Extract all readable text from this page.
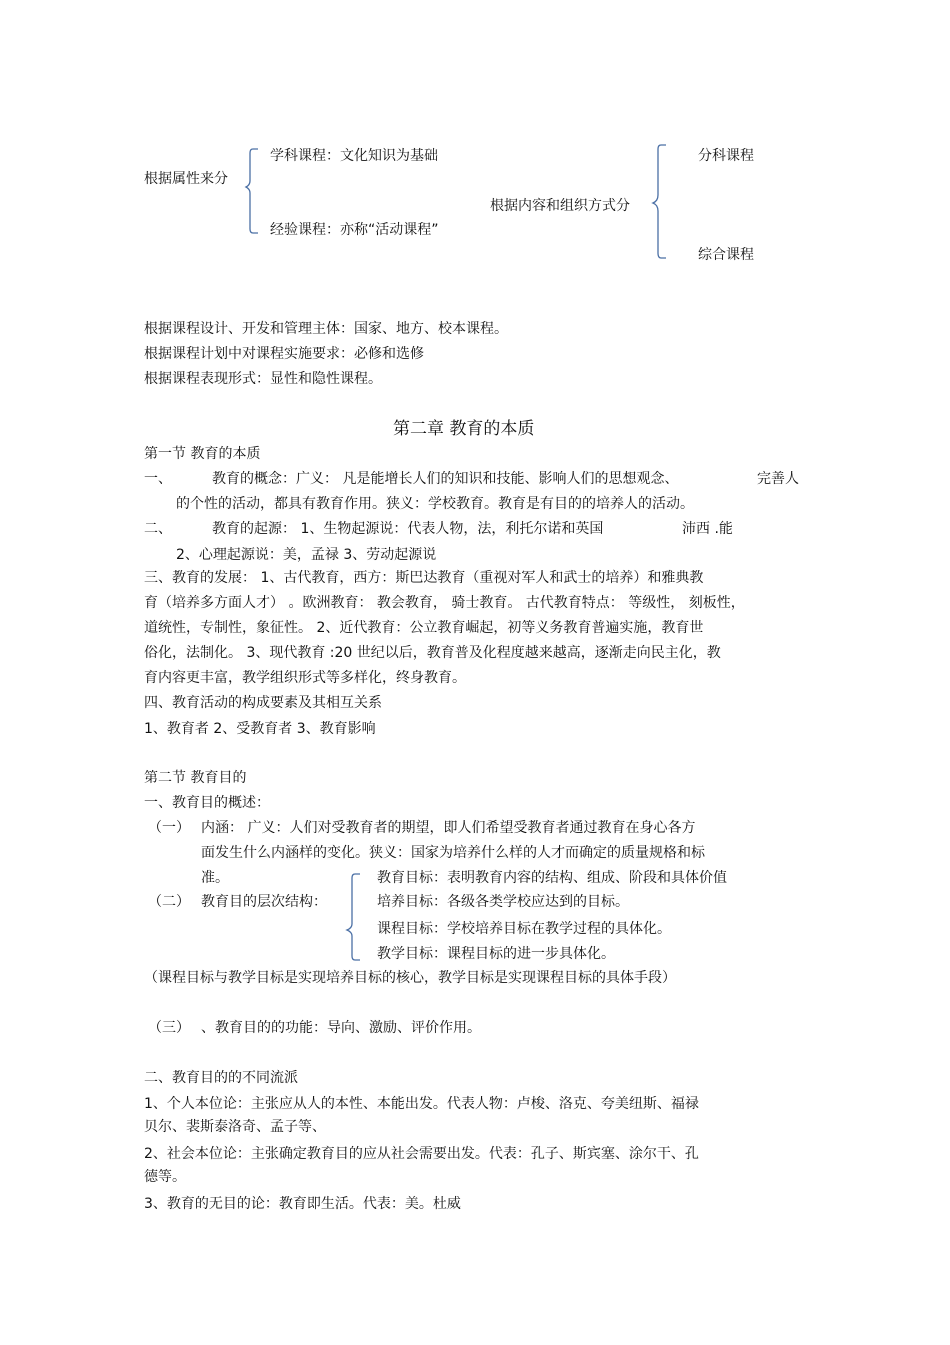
根据属性来分
学科课程：文化知识为基础
经验课程：亦称“活动课程”
根据内容和组织方式分
分科课程
综合课程
根据课程设计、开发和管理主体：国家、地方、校本课程。
根据课程计划中对课程实施要求：必修和选修
根据课程表现形式：显性和隐性课程。
第二章 教育的本质
第一节 教育的本质
一、	教育的概念：广义： 凡是能增长人们的知识和技能、影响人们的思想观念、	完善人
的个性的活动，都具有教育作用。狭义：学校教育。教育是有目的的培养人的活动。
二、	教育的起源： 1、生物起源说：代表人物，法，利托尔诺和英国	沛西 .能
2、心理起源说：美，孟禄 3、劳动起源说
三、教育的发展： 1、古代教育，西方：斯巴达教育（重视对军人和武士的培养）和雅典教
育（培养多方面人才） 。欧洲教育： 教会教育， 骑士教育。 古代教育特点： 等级性， 刻板性，
道统性，专制性，象征性。 2、近代教育：公立教育崛起，初等义务教育普遍实施，教育世
俗化，法制化。 3、现代教育 :20 世纪以后，教育普及化程度越来越高，逐渐走向民主化，教
育内容更丰富，教学组织形式等多样化，终身教育。
四、教育活动的构成要素及其相互关系
1、教育者 2、受教育者 3、教育影响
第二节 教育目的
一、教育目的概述：
（一） 内涵： 广义：人们对受教育者的期望，即人们希望受教育者通过教育在身心各方
面发生什么内涵样的变化。狭义：国家为培养什么样的人才而确定的质量规格和标
准。
（二） 教育目的层次结构：
教育目标：表明教育内容的结构、组成、阶段和具体价值
培养目标：各级各类学校应达到的目标。
课程目标：学校培养目标在教学过程的具体化。
教学目标：课程目标的进一步具体化。
（课程目标与教学目标是实现培养目标的核心，教学目标是实现课程目标的具体手段）
（三） 、教育目的的功能：导向、激励、评价作用。
二、教育目的的不同流派
1、个人本位论：主张应从人的本性、本能出发。代表人物：卢梭、洛克、夸美纽斯、福禄
贝尔、裴斯泰洛奇、孟子等、
2、社会本位论：主张确定教育目的应从社会需要出发。代表：孔子、斯宾塞、涂尔干、孔
德等。
3、教育的无目的论：教育即生活。代表：美。杜威
